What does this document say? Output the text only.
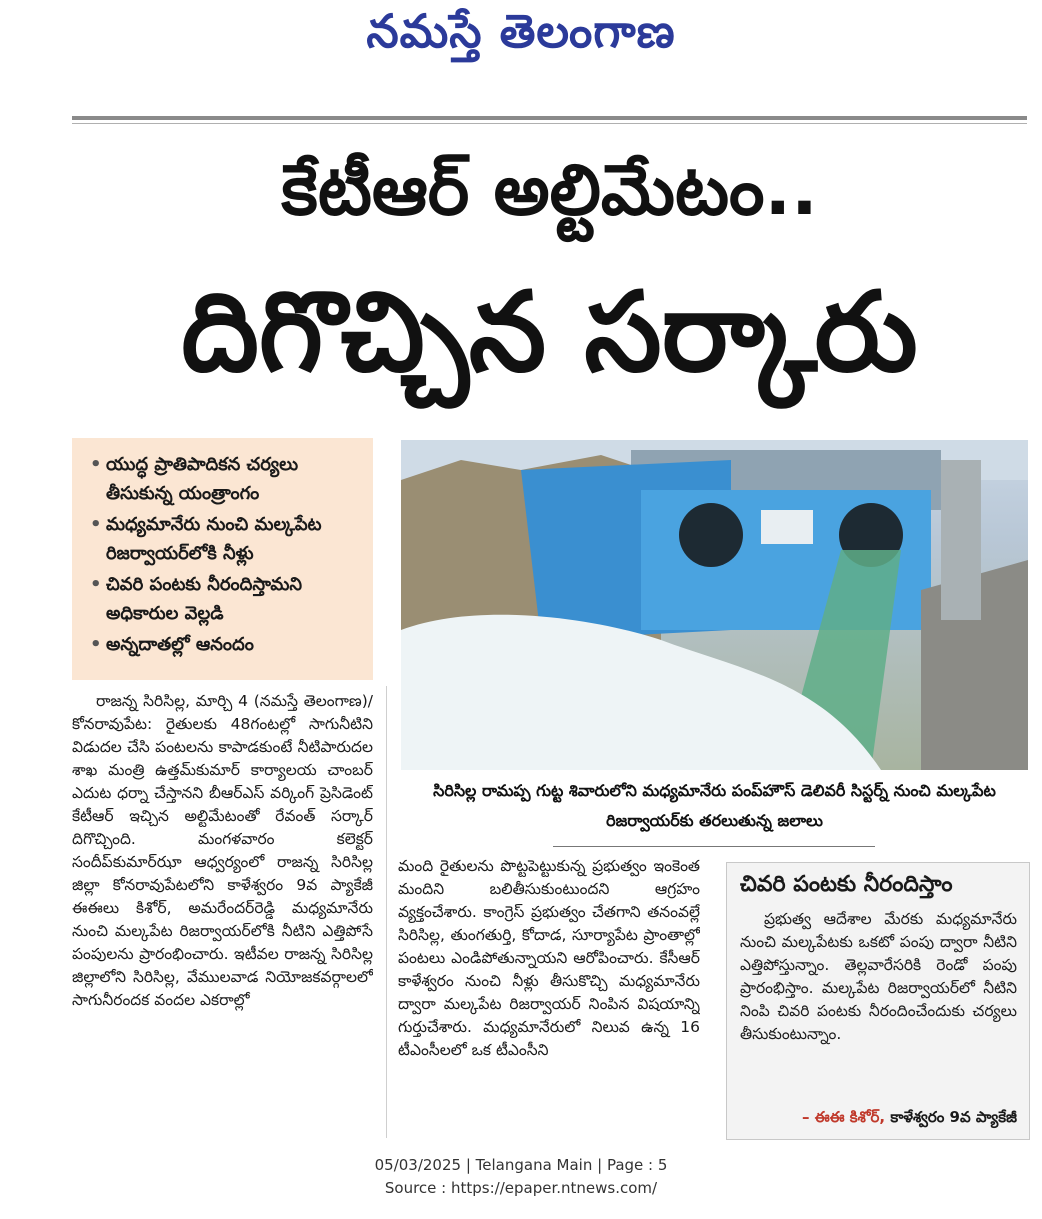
నమస్తే తెలంగాణ
కేటీఆర్ అల్టిమేటం..
దిగొచ్చిన సర్కారు
• యుద్ధ ప్రాతిపాదికన చర్యలు తీసుకున్న యంత్రాంగం
• మధ్యమానేరు నుంచి మల్కపేట రిజర్వాయర్‌లోకి నీళ్లు
• చివరి పంటకు నీరందిస్తామని అధికారుల వెల్లడి
• అన్నదాతల్లో ఆనందం
సిరిసిల్ల రామప్ప గుట్ట శివారులోని మధ్యమానేరు పంప్‌హౌస్ డెలివరీ సిస్టర్న్ నుంచి మల్కపేట రిజర్వాయర్‌కు తరలుతున్న జలాలు

రాజన్న సిరిసిల్ల, మార్చి 4 (నమస్తే తెలంగాణ)/ కోనరావుపేట: రైతులకు 48గంటల్లో సాగునీటిని విడుదల చేసి పంటలను కాపాడకుంటే నీటిపారుదల శాఖ మంత్రి ఉత్తమ్‌కుమార్ కార్యాలయ చాంబర్ ఎదుట ధర్నా చేస్తానని బీఆర్‌ఎస్ వర్కింగ్ ప్రెసిడెంట్ కేటీఆర్ ఇచ్చిన అల్టిమేటంతో రేవంత్ సర్కార్ దిగొచ్చింది. మంగళవారం కలెక్టర్ సందీప్‌కుమార్‌ఝా ఆధ్వర్యంలో రాజన్న సిరిసిల్ల జిల్లా కోనరావుపేటలోని కాళేశ్వరం 9వ ప్యాకేజీ ఈఈలు కిశోర్, అమరేందర్‌రెడ్డి మధ్యమానేరు నుంచి మల్కపేట రిజర్వాయర్‌లోకి నీటిని ఎత్తిపోసే పంపులను ప్రారంభించారు. ఇటీవల రాజన్న సిరిసిల్ల జిల్లాలోని సిరిసిల్ల, వేములవాడ నియోజకవర్గాలలో సాగునీరందక వందల ఎకరాల్లో

మంది రైతులను పొట్టపెట్టుకున్న ప్రభుత్వం ఇంకెంత మందిని బలితీసుకుంటుందని ఆగ్రహం వ్యక్తంచేశారు. కాంగ్రెస్ ప్రభుత్వం చేతగాని తనంవల్లే సిరిసిల్ల, తుంగతుర్తి, కోదాడ, సూర్యాపేట ప్రాంతాల్లో పంటలు ఎండిపోతున్నాయని ఆరోపించారు. కేసీఆర్ కాళేశ్వరం నుంచి నీళ్లు తీసుకొచ్చి మధ్యమానేరు ద్వారా మల్కపేట రిజర్వాయర్ నింపిన విషయాన్ని గుర్తుచేశారు. మధ్యమానేరులో నిలువ ఉన్న 16 టీఎంసీలలో ఒక టీఎంసీని

చివరి పంటకు నీరందిస్తాం

ప్రభుత్వ ఆదేశాల మేరకు మధ్యమానేరు నుంచి మల్కపేటకు ఒకటో పంపు ద్వారా నీటిని ఎత్తిపోస్తున్నాం. తెల్లవారేసరికి రెండో పంపు ప్రారంభిస్తాం. మల్కపేట రిజర్వాయర్‌లో నీటిని నింపి చివరి పంటకు నీరందించేందుకు చర్యలు తీసుకుంటున్నాం.

– ఈఈ కిశోర్, కాళేశ్వరం 9వ ప్యాకేజీ
05/03/2025 | Telangana Main | Page : 5
Source : https://epaper.ntnews.com/
